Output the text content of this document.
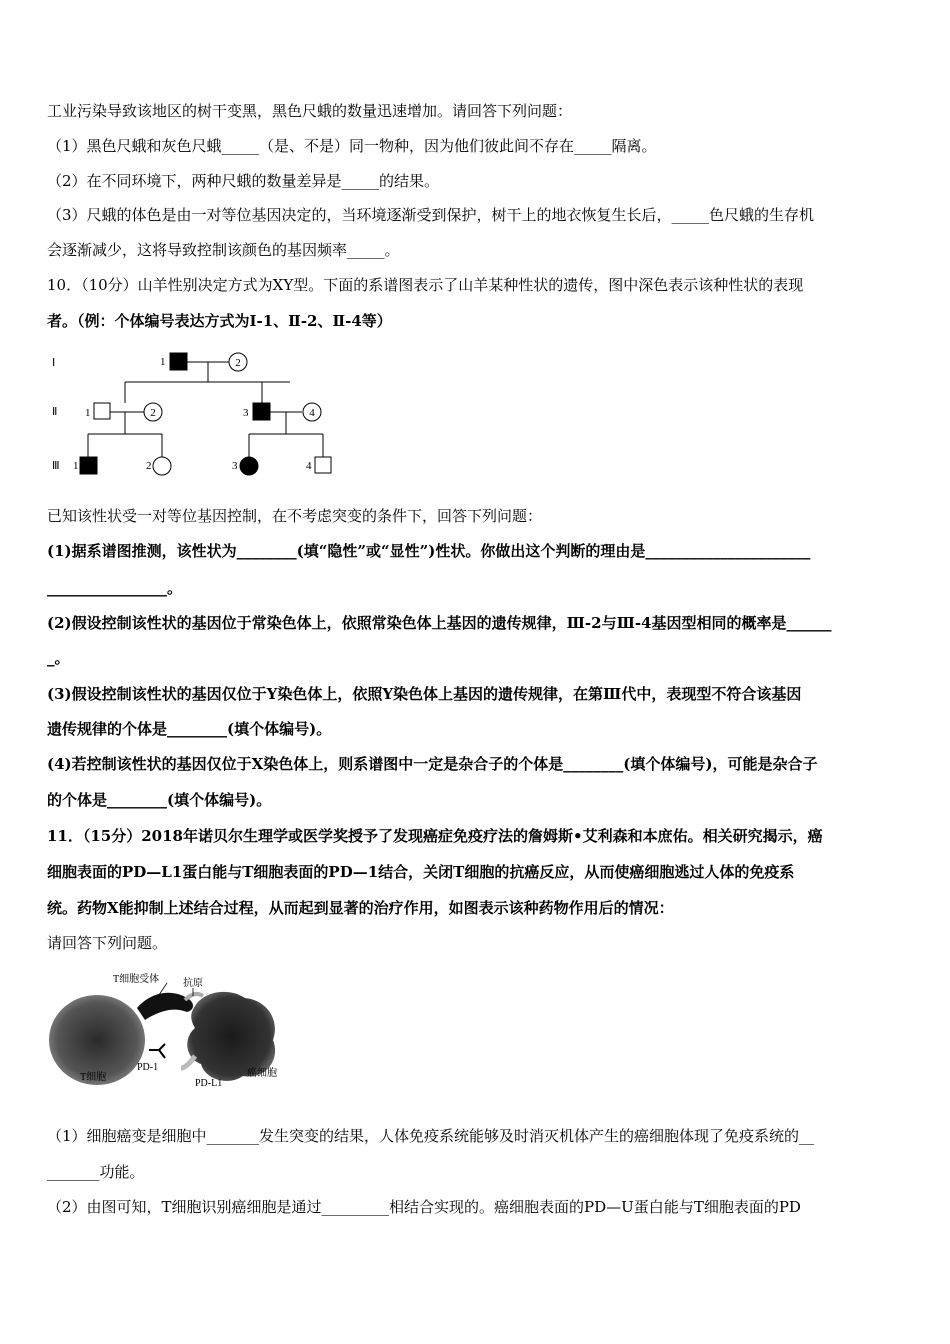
工业污染导致该地区的树干变黑，黑色尺蛾的数量迅速增加。请回答下列问题：
（1）黑色尺蛾和灰色尺蛾_____（是、不是）同一物种，因为他们彼此间不存在_____隔离。
（2）在不同环境下，两种尺蛾的数量差异是_____的结果。
（3）尺蛾的体色是由一对等位基因决定的，当环境逐渐受到保护，树干上的地衣恢复生长后，_____色尺蛾的生存机
会逐渐减少，这将导致控制该颜色的基因频率_____。
10．（10分）山羊性别决定方式为XY型。下面的系谱图表示了山羊某种性状的遗传，图中深色表示该种性状的表现
者。（例：个体编号表达方式为Ⅰ-1、Ⅱ-2、Ⅱ-4等）
Ⅰ
Ⅱ
Ⅲ
1
1	3
1	2	3	4
2
2	4
已知该性状受一对等位基因控制，在不考虑突变的条件下，回答下列问题：
(1)据系谱图推测，该性状为________(填“隐性”或“显性”)性状。你做出这个判断的理由是______________________
________________。
(2)假设控制该性状的基因位于常染色体上，依照常染色体上基因的遗传规律，Ⅲ-2与Ⅲ-4基因型相同的概率是______
_。
(3)假设控制该性状的基因仅位于Y染色体上，依照Y染色体上基因的遗传规律，在第Ⅲ代中，表现型不符合该基因
遗传规律的个体是________(填个体编号)。
(4)若控制该性状的基因仅位于X染色体上，则系谱图中一定是杂合子的个体是________(填个体编号)，可能是杂合子
的个体是________(填个体编号)。
11．（15分）2018年诺贝尔生理学或医学奖授予了发现癌症免疫疗法的詹姆斯•艾利森和本庶佑。相关研究揭示，癌
细胞表面的PD—L1蛋白能与T细胞表面的PD—1结合，关闭T细胞的抗癌反应，从而使癌细胞逃过人体的免疫系
统。药物X能抑制上述结合过程，从而起到显著的治疗作用，如图表示该种药物作用后的情况：
请回答下列问题。
T细胞受体 抗原
PD-1
T细胞
PD-L1
癌细胞
（1）细胞癌变是细胞中_______发生突变的结果，人体免疫系统能够及时消灭机体产生的癌细胞体现了免疫系统的__
_______功能。
（2）由图可知，T细胞识别癌细胞是通过_________相结合实现的。癌细胞表面的PD—U蛋白能与T细胞表面的PD
